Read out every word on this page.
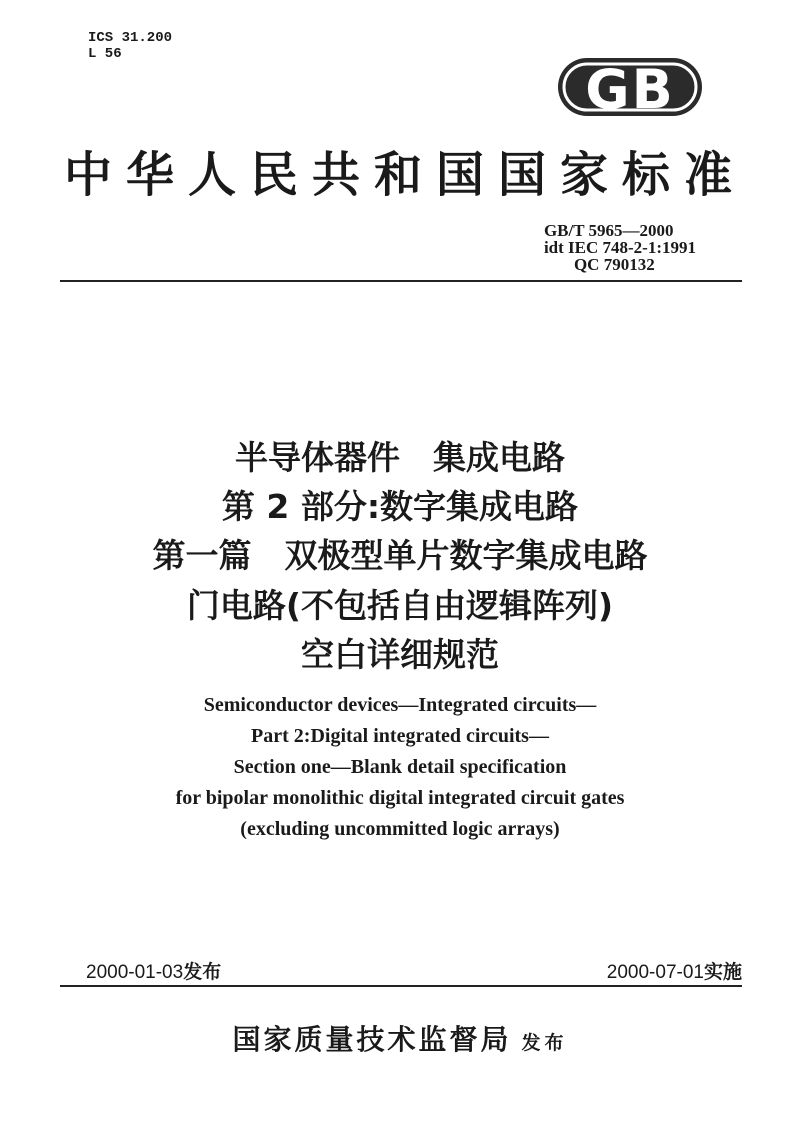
ICS 31.200
L 56
GB
中华人民共和国国家标准
GB/T 5965—2000
idt IEC 748-2-1:1991
QC 790132
半导体器件　集成电路
第 2 部分:数字集成电路
第一篇　双极型单片数字集成电路
门电路(不包括自由逻辑阵列)
空白详细规范
Semiconductor devices—Integrated circuits—
Part 2:Digital integrated circuits—
Section one—Blank detail specification
for bipolar monolithic digital integrated circuit gates
(excluding uncommitted logic arrays)
2000-01-03发布	2000-07-01实施
国家质量技术监督局 发布
